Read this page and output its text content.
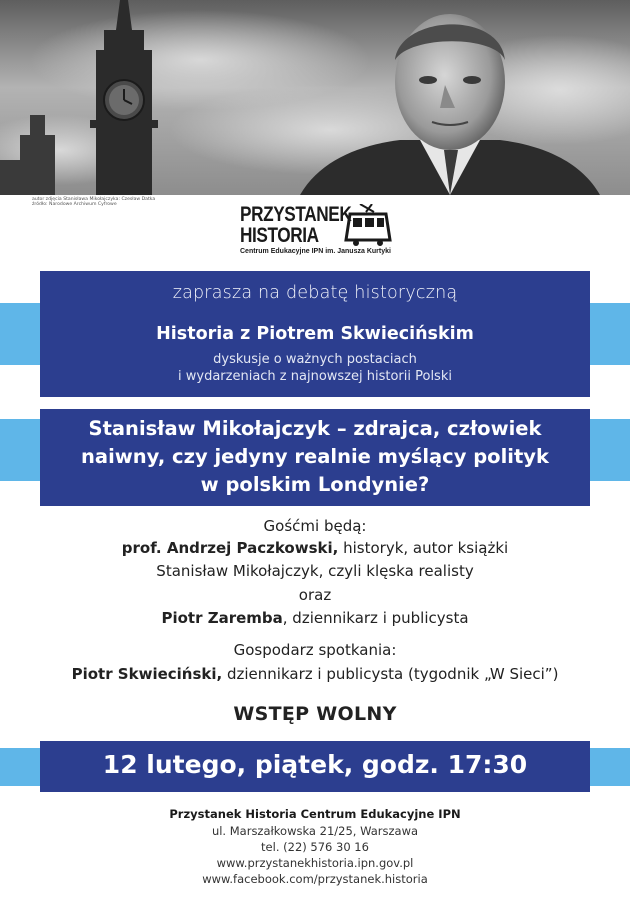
autor zdjęcia Stanisława Mikołajczyka: Czesław Datka
źródło: Narodowe Archiwum Cyfrowe	PRZYSTANEK
HISTORIA
Centrum Edukacyjne IPN im. Janusza Kurtyki
zaprasza na debatę historyczną
Historia z Piotrem Skwiecińskim
dyskusje o ważnych postaciach
i wydarzeniach z najnowszej historii Polski
Stanisław Mikołajczyk – zdrajca, człowiek
naiwny, czy jedyny realnie myślący polityk
w polskim Londynie?
Gośćmi będą:
prof. Andrzej Paczkowski, historyk, autor książki
Stanisław Mikołajczyk, czyli klęska realisty
oraz
Piotr Zaremba, dziennikarz i publicysta
Gospodarz spotkania:
Piotr Skwieciński, dziennikarz i publicysta (tygodnik „W Sieci”)
WSTĘP WOLNY
12 lutego, piątek, godz. 17:30
Przystanek Historia Centrum Edukacyjne IPN
ul. Marszałkowska 21/25, Warszawa
tel. (22) 576 30 16
www.przystanekhistoria.ipn.gov.pl
www.facebook.com/przystanek.historia
